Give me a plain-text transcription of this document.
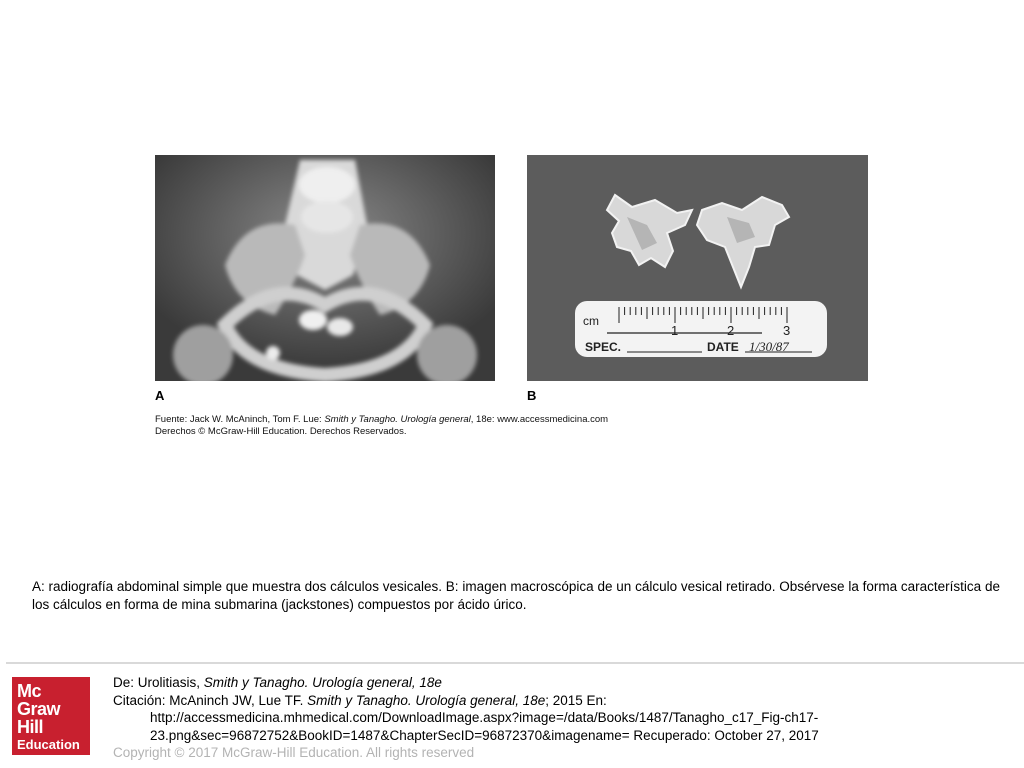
A
cm
1	2	3
SPEC.	DATE 1/30/87
B
Fuente: Jack W. McAninch, Tom F. Lue: Smith y Tanagho. Urología general, 18e: www.accessmedicina.com
Derechos © McGraw-Hill Education. Derechos Reservados.
A: radiografía abdominal simple que muestra dos cálculos vesicales. B: imagen macroscópica de un cálculo vesical retirado. Obsérvese la forma característica de los cálculos en forma de mina submarina (jackstones) compuestos por ácido úrico.
Mc
Graw
Hill
Education
De: Urolitiasis, Smith y Tanagho. Urología general, 18e
Citación: McAninch JW, Lue TF. Smith y Tanagho. Urología general, 18e; 2015 En:
http://accessmedicina.mhmedical.com/DownloadImage.aspx?image=/data/Books/1487/Tanagho_c17_Fig-ch17-
23.png&sec=96872752&BookID=1487&ChapterSecID=96872370&imagename= Recuperado: October 27, 2017
Copyright © 2017 McGraw-Hill Education. All rights reserved
